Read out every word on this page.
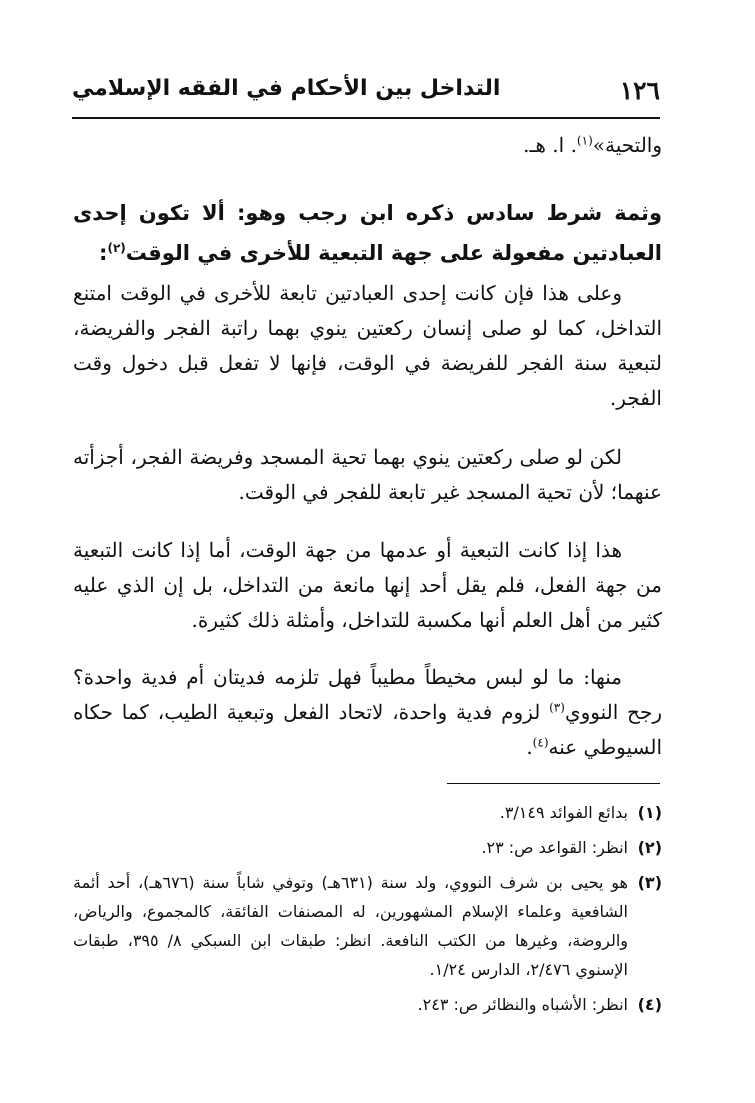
١٢٦
التداخل بين الأحكام في الفقه الإسلامي
والتحية»$^{(١)}$. ا. هـ.
وثمة شرط سادس ذكره ابن رجب وهو: ألا تكون إحدى العبادتين مفعولة على جهة التبعية للأخرى في الوقت$^{(٢)}$:
وعلى هذا فإن كانت إحدى العبادتين تابعة للأخرى في الوقت امتنع التداخل، كما لو صلى إنسان ركعتين ينوي بهما راتبة الفجر والفريضة، لتبعية سنة الفجر للفريضة في الوقت، فإنها لا تفعل قبل دخول وقت الفجر.
لكن لو صلى ركعتين ينوي بهما تحية المسجد وفريضة الفجر، أجزأته عنهما؛ لأن تحية المسجد غير تابعة للفجر في الوقت.
هذا إذا كانت التبعية أو عدمها من جهة الوقت، أما إذا كانت التبعية من جهة الفعل، فلم يقل أحد إنها مانعة من التداخل، بل إن الذي عليه كثير من أهل العلم أنها مكسبة للتداخل، وأمثلة ذلك كثيرة.
منها: ما لو لبس مخيطاً مطيباً فهل تلزمه فديتان أم فدية واحدة؟ رجح النووي$^{(٣)}$ لزوم فدية واحدة، لاتحاد الفعل وتبعية الطيب، كما حكاه السيوطي عنه$^{(٤)}$.
(١)
بدائع الفوائد ٣/١٤٩.
(٢)
انظر: القواعد ص: ٢٣.
(٣)
هو يحيى بن شرف النووي، ولد سنة (٦٣١هـ) وتوفي شاباً سنة (٦٧٦هـ)، أحد أئمة الشافعية وعلماء الإسلام المشهورين، له المصنفات الفائقة، كالمجموع، والرياض، والروضة، وغيرها من الكتب النافعة. انظر: طبقات ابن السبكي ٨/ ٣٩٥، طبقات الإسنوي ٢/٤٧٦، الدارس ١/٢٤.
(٤)
انظر: الأشباه والنظائر ص: ٢٤٣.
